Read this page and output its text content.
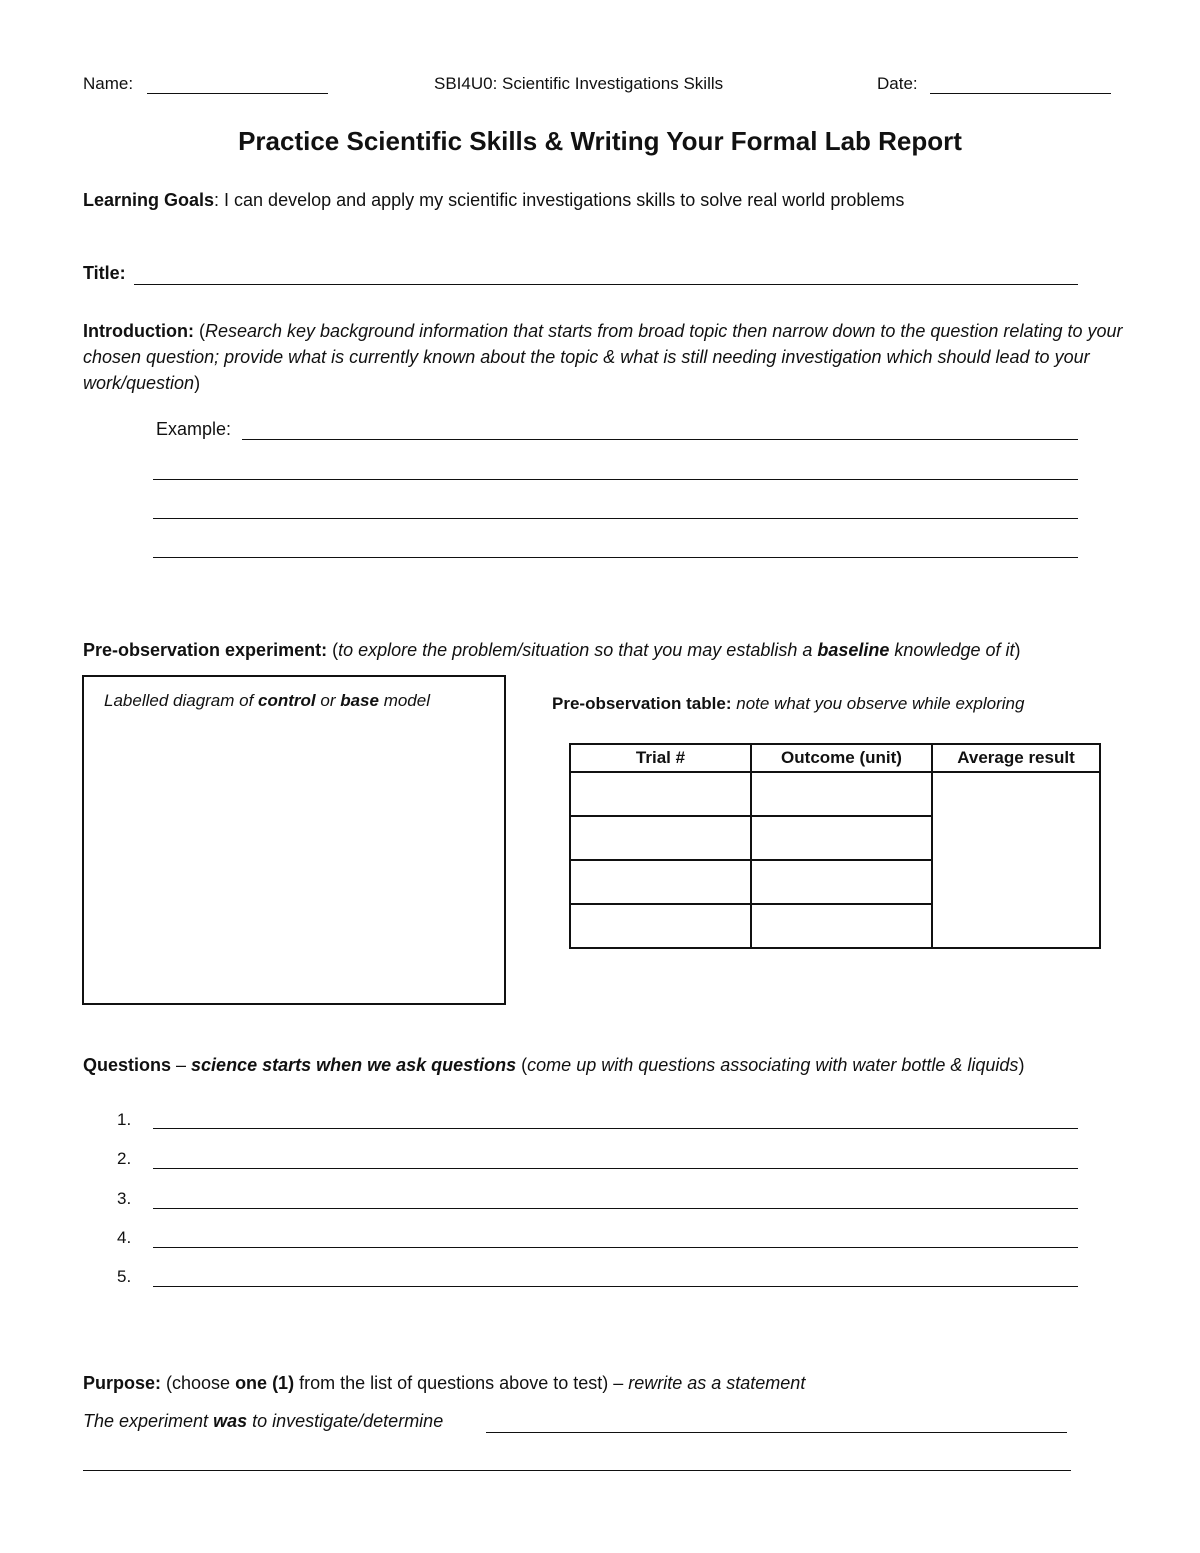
Name:	SBI4U0: Scientific Investigations Skills	Date:
Practice Scientific Skills & Writing Your Formal Lab Report
Learning Goals: I can develop and apply my scientific investigations skills to solve real world problems
Title:
Introduction: (Research key background information that starts from broad topic then narrow down to the question relating to your chosen question; provide what is currently known about the topic & what is still needing investigation which should lead to your work/question)
Example:
Pre-observation experiment: (to explore the problem/situation so that you may establish a baseline knowledge of it)
Labelled diagram of control or base model	Pre-observation table: note what you observe while exploring
Trial #	Outcome (unit)	Average result

Questions – science starts when we ask questions (come up with questions associating with water bottle & liquids)
1.
2.
3.
4.
5.
Purpose: (choose one (1) from the list of questions above to test) – rewrite as a statement
The experiment was to investigate/determine
